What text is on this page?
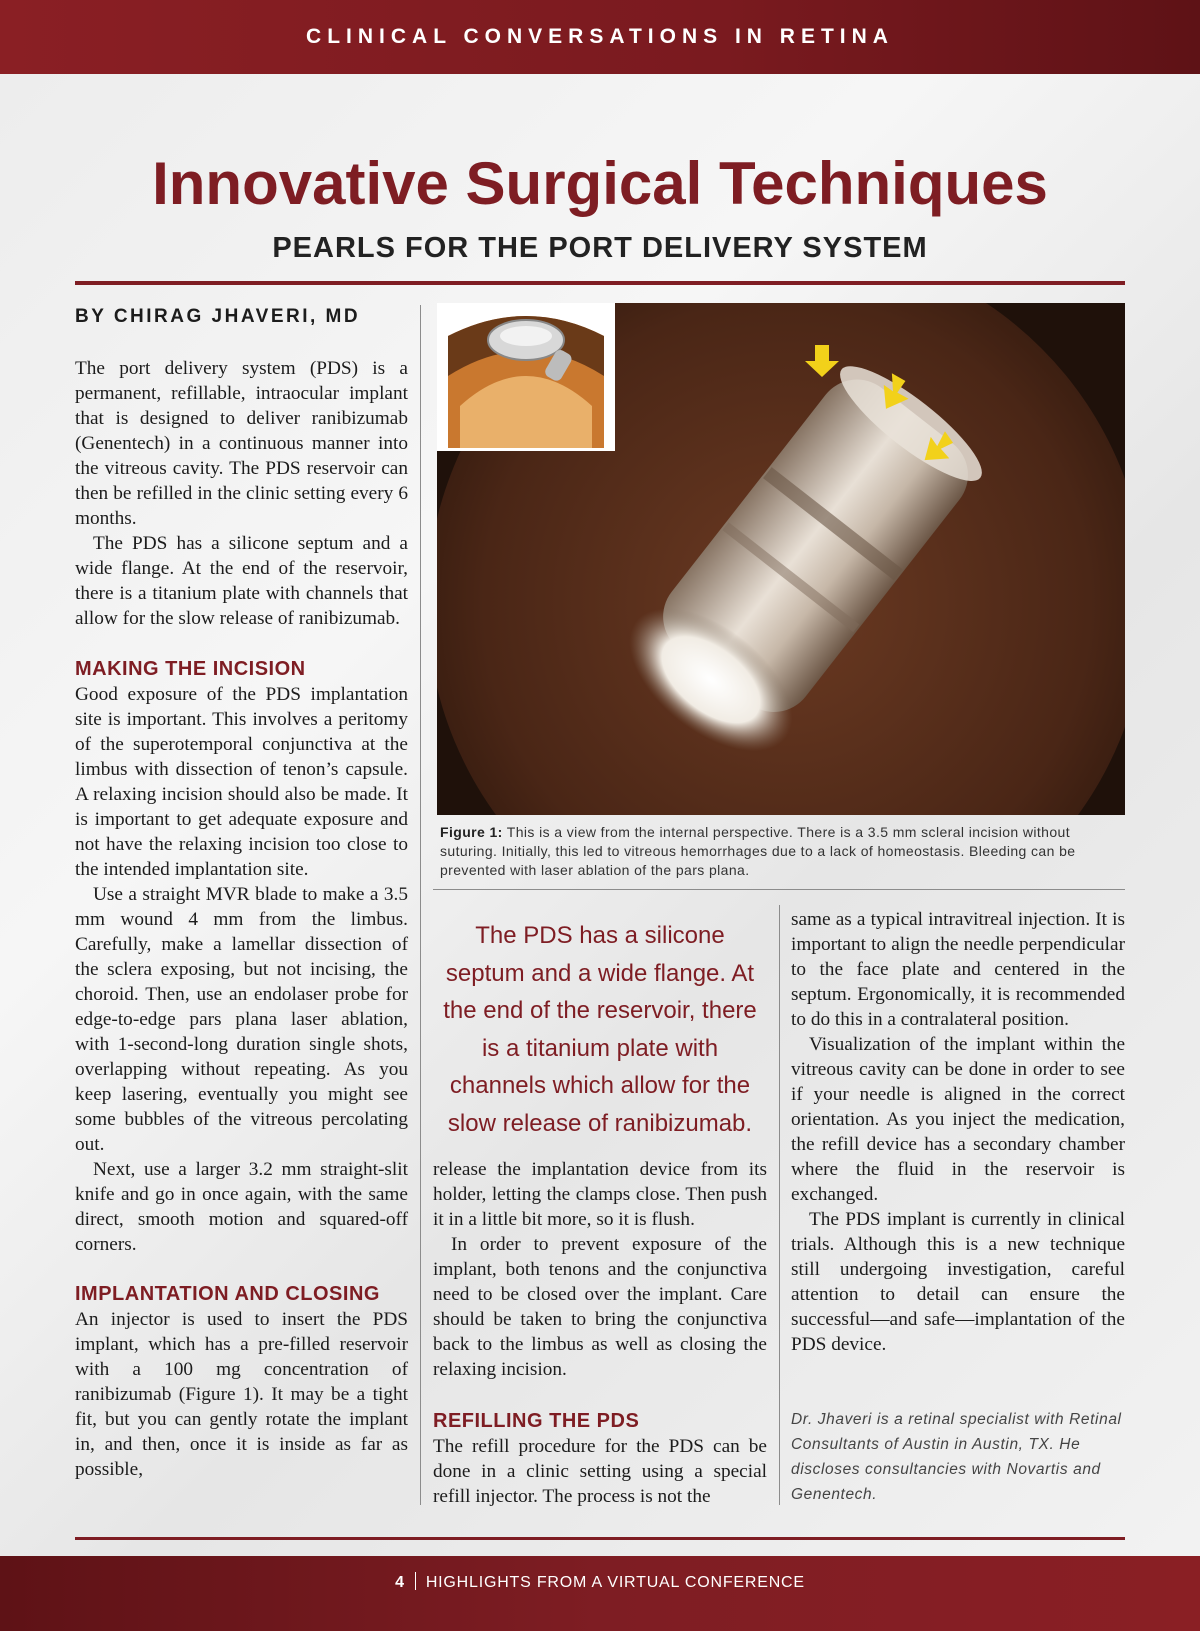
CLINICAL CONVERSATIONS IN RETINA
Innovative Surgical Techniques
PEARLS FOR THE PORT DELIVERY SYSTEM
BY CHIRAG JHAVERI, MD

The port delivery system (PDS) is a permanent, refillable, intraocular implant that is designed to deliver ranibizumab (Genentech) in a continuous manner into the vitreous cavity. The PDS reservoir can then be refilled in the clinic setting every 6 months.

The PDS has a silicone septum and a wide flange. At the end of the reservoir, there is a titanium plate with channels that allow for the slow release of ranibizumab.

MAKING THE INCISION

Good exposure of the PDS implantation site is important. This involves a peritomy of the superotemporal conjunctiva at the limbus with dissection of tenon’s capsule. A relaxing incision should also be made. It is important to get adequate exposure and not have the relaxing incision too close to the intended implantation site.

Use a straight MVR blade to make a 3.5 mm wound 4 mm from the limbus. Carefully, make a lamellar dissection of the sclera exposing, but not incising, the choroid. Then, use an endolaser probe for edge-to-edge pars plana laser ablation, with 1-second-long duration single shots, overlapping without repeating. As you keep lasering, eventually you might see some bubbles of the vitreous percolating out.

Next, use a larger 3.2 mm straight-slit knife and go in once again, with the same direct, smooth motion and squared-off corners.

IMPLANTATION AND CLOSING

An injector is used to insert the PDS implant, which has a pre-filled reservoir with a 100 mg concentration of ranibizumab (Figure 1). It may be a tight fit, but you can gently rotate the implant in, and then, once it is inside as far as possible,

Figure 1: This is a view from the internal perspective. There is a 3.5 mm scleral incision without suturing. Initially, this led to vitreous hemorrhages due to a lack of homeostasis. Bleeding can be prevented with laser ablation of the pars plana.
The PDS has a silicone septum and a wide flange. At the end of the reservoir, there is a titanium plate with channels which allow for the slow release of ranibizumab.

release the implantation device from its holder, letting the clamps close. Then push it in a little bit more, so it is flush.

In order to prevent exposure of the implant, both tenons and the conjunctiva need to be closed over the implant. Care should be taken to bring the conjunctiva back to the limbus as well as closing the relaxing incision.

REFILLING THE PDS

The refill procedure for the PDS can be done in a clinic setting using a special refill injector. The process is not the

same as a typical intravitreal injection. It is important to align the needle perpendicular to the face plate and centered in the septum. Ergonomically, it is recommended to do this in a contralateral position.

Visualization of the implant within the vitreous cavity can be done in order to see if your needle is aligned in the correct orientation. As you inject the medication, the refill device has a secondary chamber where the fluid in the reservoir is exchanged.

The PDS implant is currently in clinical trials. Although this is a new technique still undergoing investigation, careful attention to detail can ensure the successful—and safe—implantation of the PDS device.

Dr. Jhaveri is a retinal specialist with Retinal Consultants of Austin in Austin, TX. He discloses consultancies with Novartis and Genentech.
4 HIGHLIGHTS FROM A VIRTUAL CONFERENCE
